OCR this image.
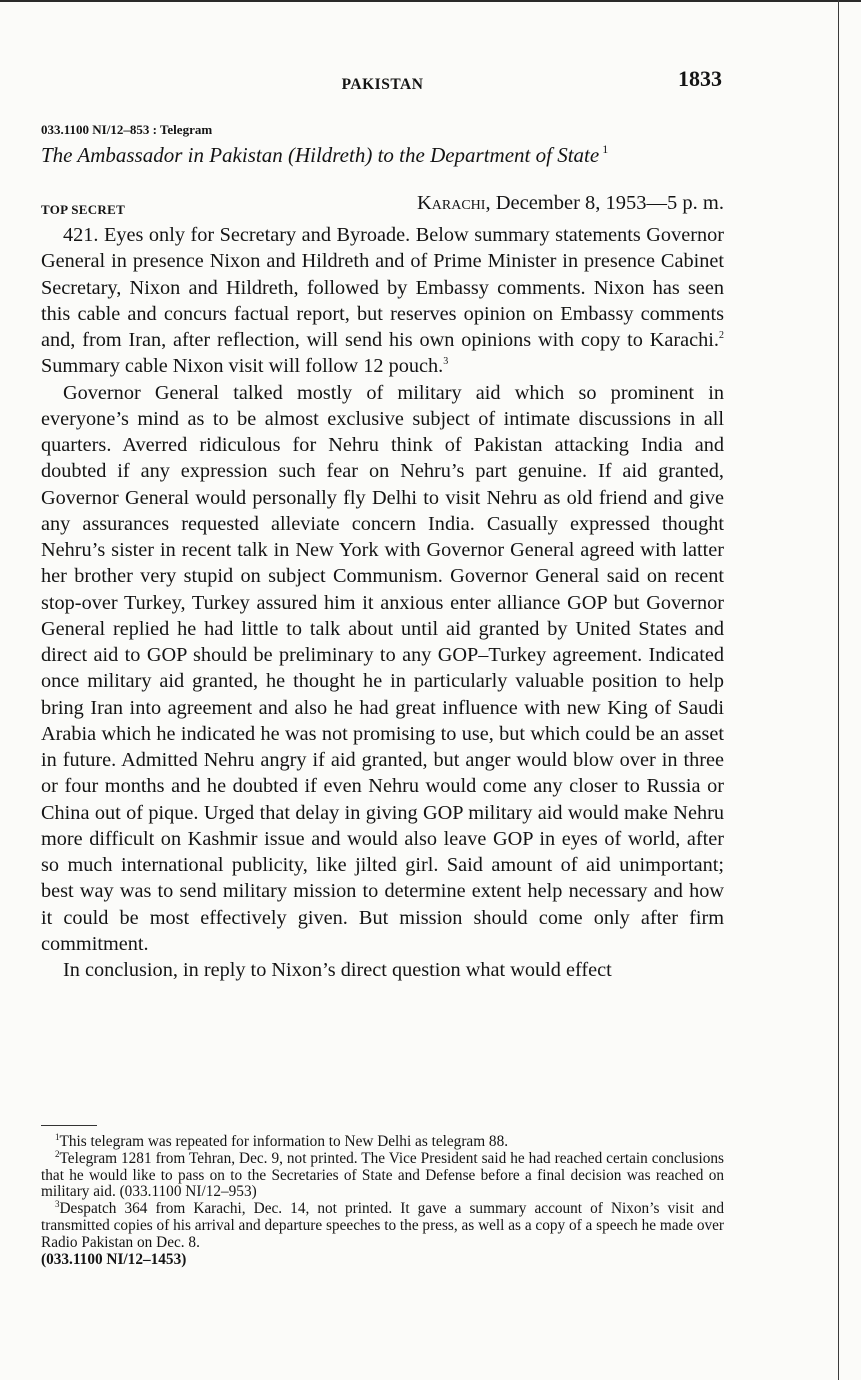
PAKISTAN	1833
033.1100 NI/12–853 : Telegram
The Ambassador in Pakistan (Hildreth) to the Department of State $^1$
TOP SECRET	Karachi, December 8, 1953—5 p. m.

421. Eyes only for Secretary and Byroade. Below summary statements Governor General in presence Nixon and Hildreth and of Prime Minister in presence Cabinet Secretary, Nixon and Hildreth, followed by Embassy comments. Nixon has seen this cable and concurs factual report, but reserves opinion on Embassy comments and, from Iran, after reflection, will send his own opinions with copy to Karachi.$^2$ Summary cable Nixon visit will follow 12 pouch.$^3$

Governor General talked mostly of military aid which so prominent in everyone’s mind as to be almost exclusive subject of intimate discussions in all quarters. Averred ridiculous for Nehru think of Pakistan attacking India and doubted if any expression such fear on Nehru’s part genuine. If aid granted, Governor General would personally fly Delhi to visit Nehru as old friend and give any assurances requested alleviate concern India. Casually expressed thought Nehru’s sister in recent talk in New York with Governor General agreed with latter her brother very stupid on subject Communism. Governor General said on recent stop-over Turkey, Turkey assured him it anxious enter alliance GOP but Governor General replied he had little to talk about until aid granted by United States and direct aid to GOP should be preliminary to any GOP–Turkey agreement. Indicated once military aid granted, he thought he in particularly valuable position to help bring Iran into agreement and also he had great influence with new King of Saudi Arabia which he indicated he was not promising to use, but which could be an asset in future. Admitted Nehru angry if aid granted, but anger would blow over in three or four months and he doubted if even Nehru would come any closer to Russia or China out of pique. Urged that delay in giving GOP military aid would make Nehru more difficult on Kashmir issue and would also leave GOP in eyes of world, after so much international publicity, like jilted girl. Said amount of aid unimportant; best way was to send military mission to determine extent help necessary and how it could be most effectively given. But mission should come only after firm commitment.

In conclusion, in reply to Nixon’s direct question what would effect

$^1$This telegram was repeated for information to New Delhi as telegram 88.

$^2$Telegram 1281 from Tehran, Dec. 9, not printed. The Vice President said he had reached certain conclusions that he would like to pass on to the Secretaries of State and Defense before a final decision was reached on military aid. (033.1100 NI/12–953)

$^3$Despatch 364 from Karachi, Dec. 14, not printed. It gave a summary account of Nixon’s visit and transmitted copies of his arrival and departure speeches to the press, as well as a copy of a speech he made over Radio Pakistan on Dec. 8.
(033.1100 NI/12–1453)
